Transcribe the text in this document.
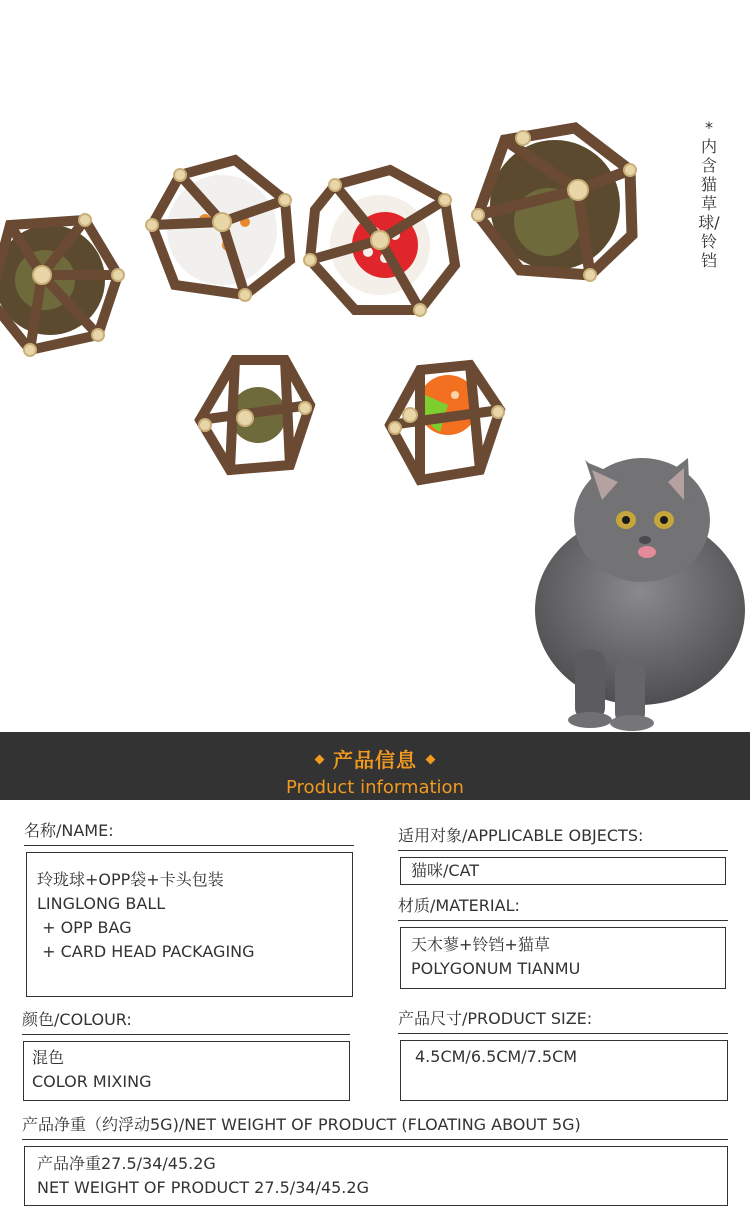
*内含猫草球/铃铛
产品信息
Product information
名称/NAME:
玲珑球+OPP袋+卡头包装
LINGLONG BALL
+ OPP BAG
+ CARD HEAD PACKAGING
适用对象/APPLICABLE OBJECTS:
猫咪/CAT
材质/MATERIAL:
天木蓼+铃铛+猫草
POLYGONUM TIANMU
颜色/COLOUR:
混色
COLOR MIXING
产品尺寸/PRODUCT SIZE:
4.5CM/6.5CM/7.5CM
产品净重（约浮动5G)/NET WEIGHT OF PRODUCT (FLOATING ABOUT 5G)
产品净重27.5/34/45.2G
NET WEIGHT OF PRODUCT 27.5/34/45.2G
